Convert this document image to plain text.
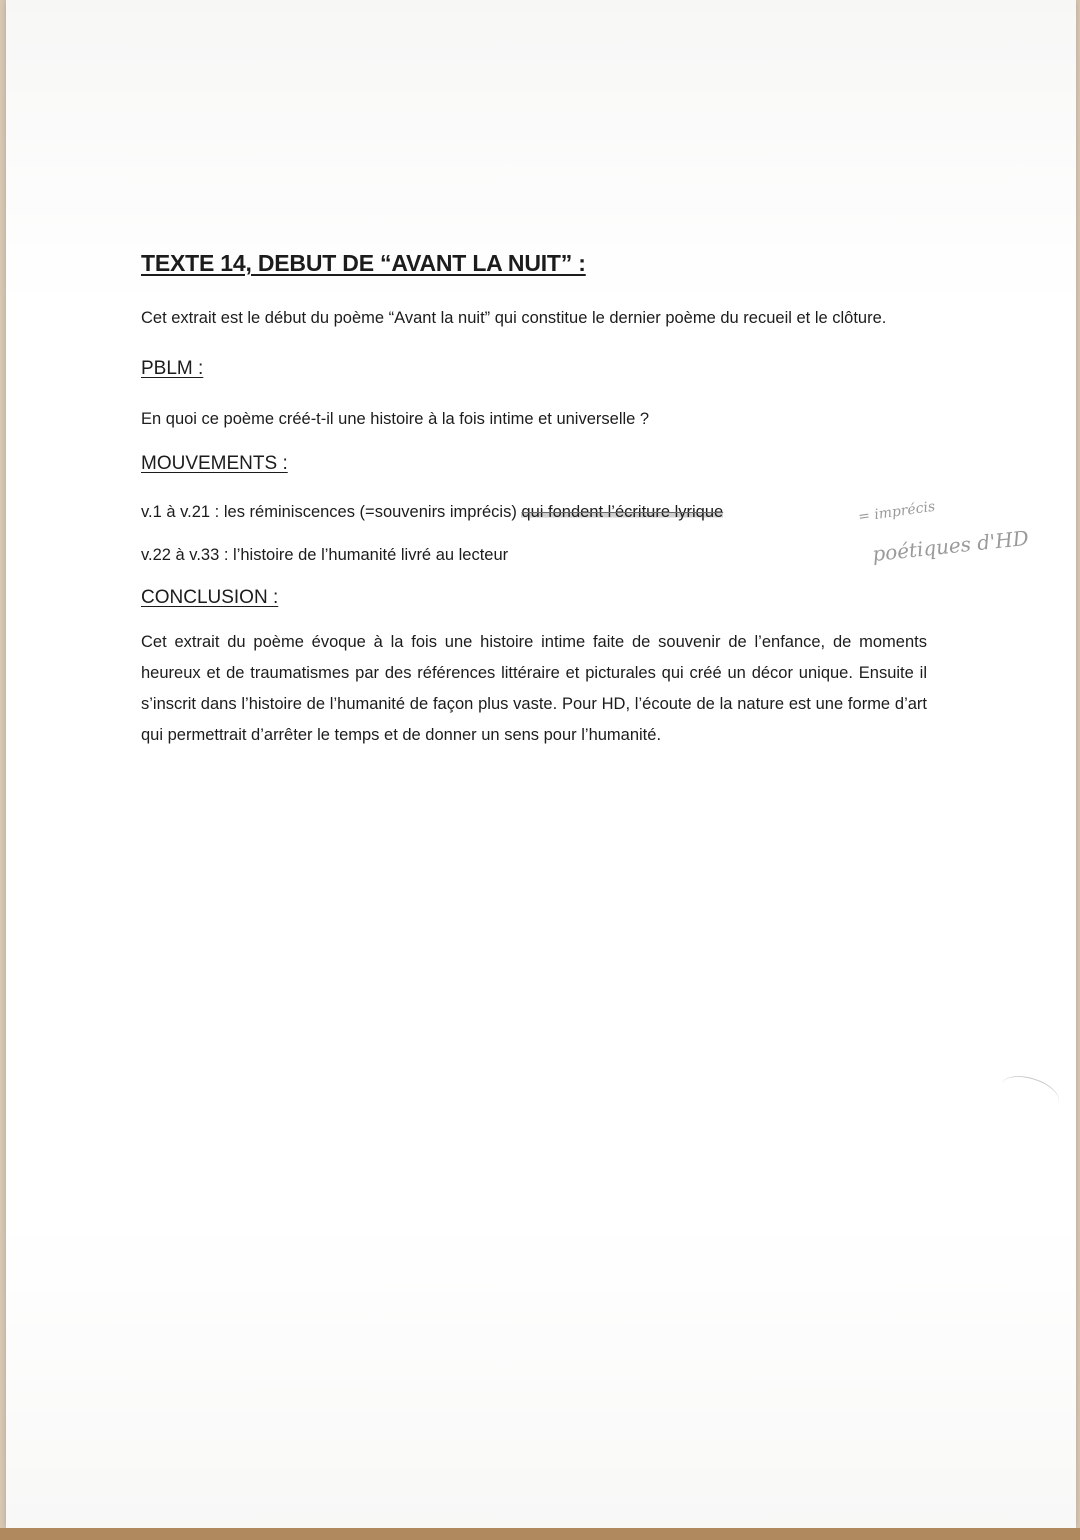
TEXTE 14, DEBUT DE “AVANT LA NUIT” :

Cet extrait est le début du poème “Avant la nuit” qui constitue le dernier poème du recueil et le clôture.

PBLM :

En quoi ce poème créé-t-il une histoire à la fois intime et universelle ?

MOUVEMENTS :

v.1 à v.21 : les réminiscences (=souvenirs imprécis) qui fondent l’écriture lyrique

v.22 à v.33 : l’histoire de l’humanité livré au lecteur

CONCLUSION :

Cet extrait du poème évoque à la fois une histoire intime faite de souvenir de l’enfance, de moments heureux et de traumatismes par des références littéraire et picturales qui créé un décor unique. Ensuite il s’inscrit dans l’histoire de l’humanité de façon plus vaste. Pour HD, l’écoute de la nature est une forme d’art qui permettrait d’arrêter le temps et de donner un sens pour l’humanité.

= imprécis
poétiques d'HD
